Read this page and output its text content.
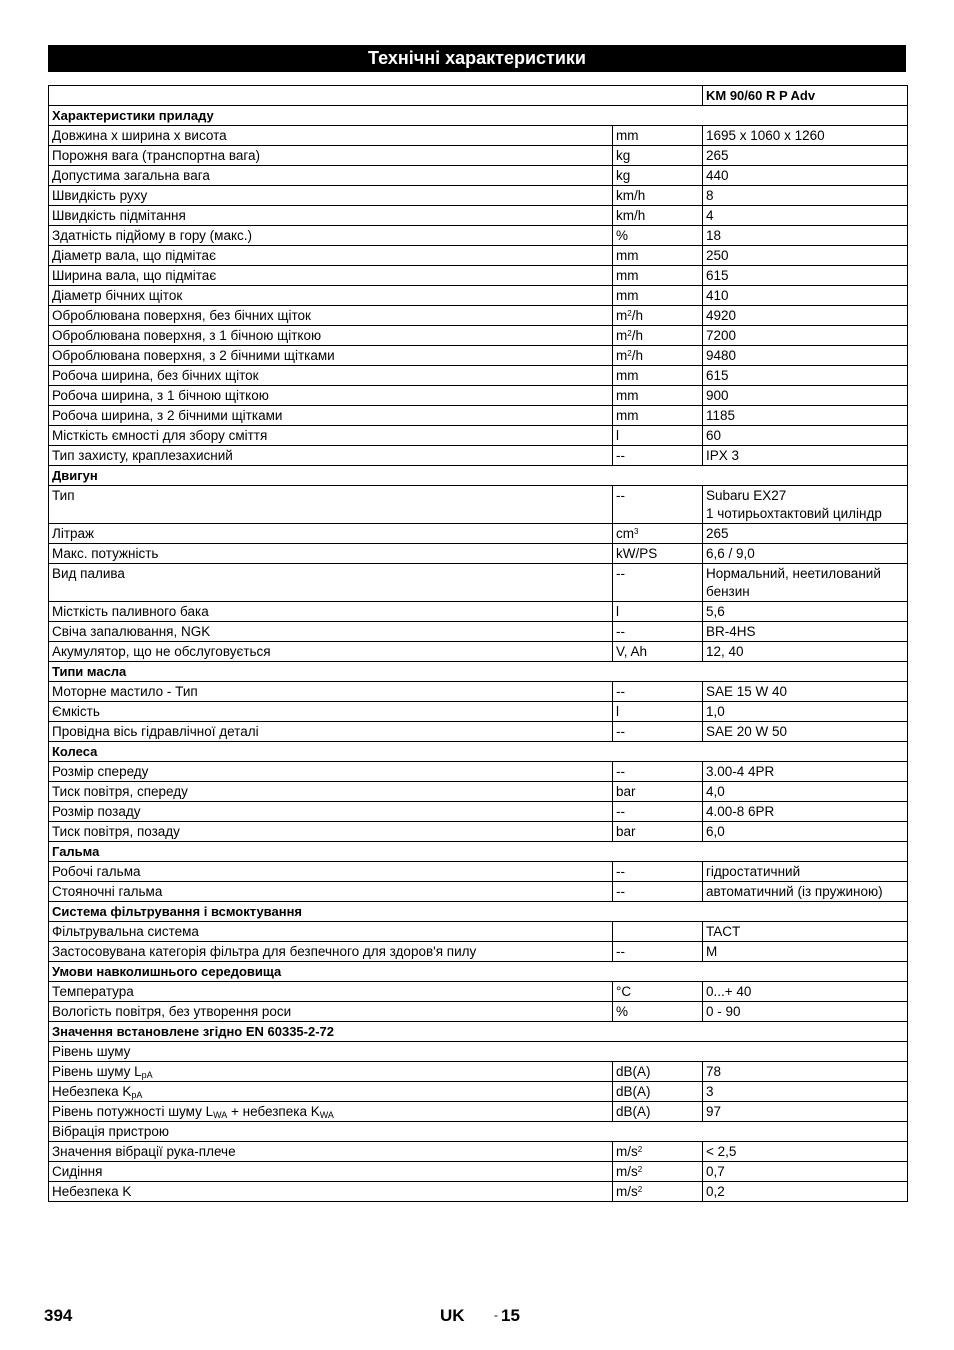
Технічні характеристики
		KM 90/60 R P Adv
Характеристики приладу		
Довжина x ширина x висота	mm	1695 x 1060 x 1260

Порожня вага (транспортна вага)	kg	265

Допустима загальна вага	kg	440

Швидкість руху	km/h	8

Швидкість підмітання	km/h	4

Здатність підйому в гору (макс.)	%	18

Діаметр вала, що підмітає	mm	250

Ширина вала, що підмітає	mm	615

Діаметр бічних щіток	mm	410

Оброблювана поверхня, без бічних щіток	$m^2/h$	4920

Оброблювана поверхня, з 1 бічною щіткою	$m^2/h$	7200

Оброблювана поверхня, з 2 бічними щітками	$m^2/h$	9480

Робоча ширина, без бічних щіток	mm	615

Робоча ширина, з 1 бічною щіткою	mm	900

Робоча ширина, з 2 бічними щітками	mm	1185

Місткість ємності для збору сміття	l	60

Тип захисту, краплезахисний	--	IPX 3

Двигун		
Тип	--	Subaru EX27
1 чотирьохтактовий циліндр

Літраж	$cm^3$	265

Макс. потужність	kW/PS	6,6 / 9,0

Вид палива	--	Нормальний, неетилований
бензин

Місткість паливного бака	l	5,6

Свіча запалювання, NGK	--	BR-4HS

Акумулятор, що не обслуговується	V, Ah	12, 40

Типи масла		
Моторне мастило - Тип	--	SAE 15 W 40

Ємкість	l	1,0

Провідна вісь гідравлічної деталі	--	SAE 20 W 50

Колеса		
Розмір спереду	--	3.00-4 4PR

Тиск повітря, спереду	bar	4,0

Розмір позаду	--	4.00-8 6PR

Тиск повітря, позаду	bar	6,0

Гальма		
Робочі гальма	--	гідростатичний

Стояночні гальма	--	автоматичний (із пружиною)

Система фільтрування і всмоктування		
Фільтрувальна система		TACT

Застосовувана категорія фільтра для безпечного для здоров'я пилу	--	M

Умови навколишнього середовища		
Температура	°C	0...+ 40

Вологість повітря, без утворення роси	%	0 - 90

Значення встановлене згідно EN 60335-2-72		
Рівень шуму		
Рівень шуму $L_{pA}$	dB(A)	78
Небезпека $K_{pA}$	dB(A)	3
Рівень потужності шуму $L_{WA}$ + небезпека $K_{WA}$	dB(A)	97
Вібрація пристрою		
Значення вібрації рука-плече	$m/s^2$	< 2,5
Сидіння	$m/s^2$	0,7
Небезпека K	$m/s^2$	0,2
394	UK - 15
